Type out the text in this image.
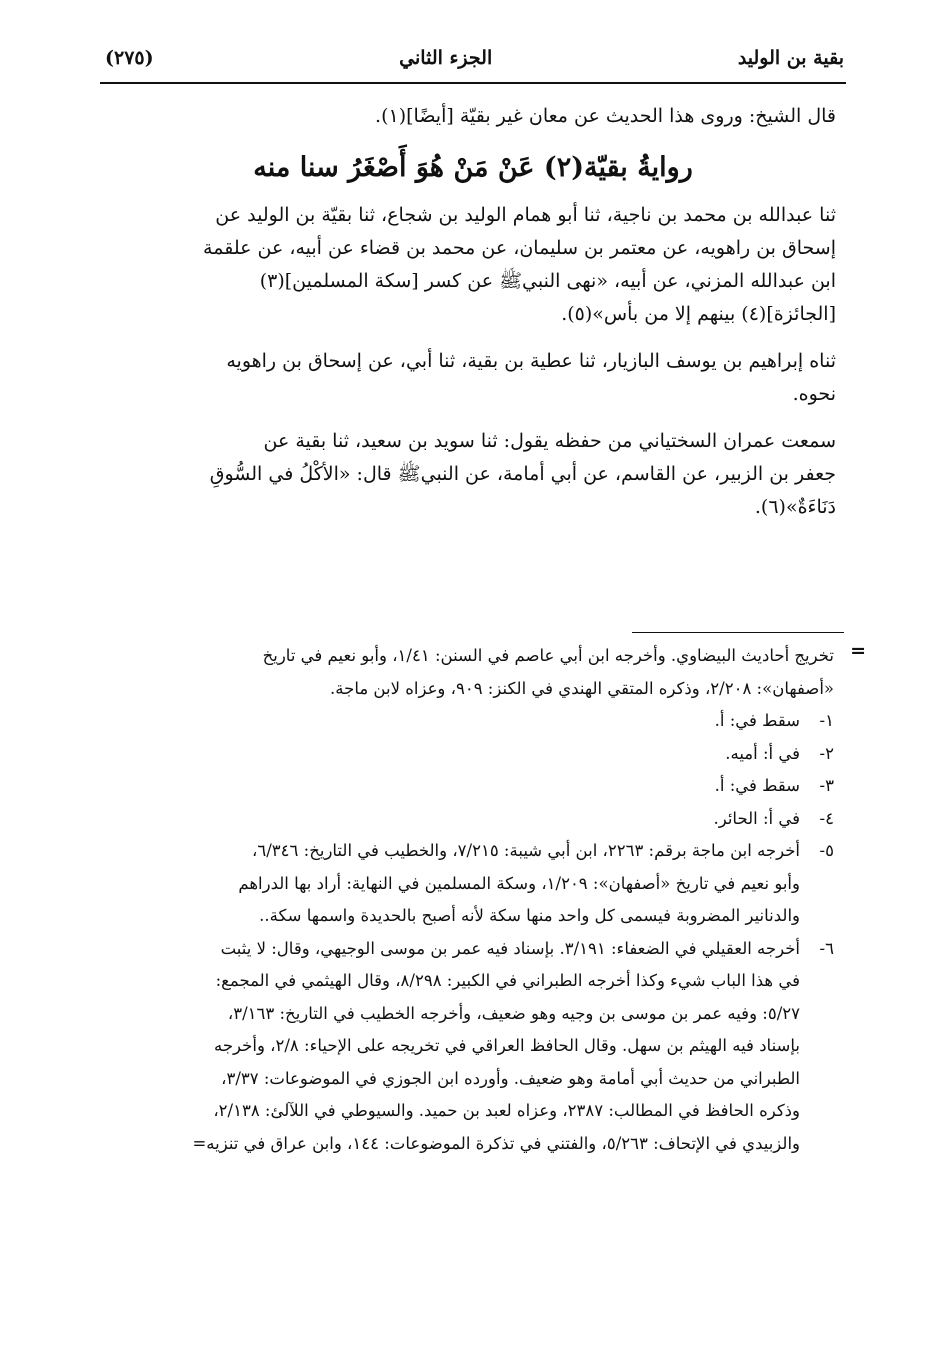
بقية بن الوليد
الجزء الثاني
(٢٧٥)
قال الشيخ: وروى هذا الحديث عن معان غير بقيّة [أيضًا](١).
روايةُ بقيّة(٢) عَنْ مَنْ هُوَ أَصْغَرُ سنا منه
ثنا عبدالله بن محمد بن ناجية، ثنا أبو همام الوليد بن شجاع، ثنا بقيّة بن الوليد عن
إسحاق بن راهويه، عن معتمر بن سليمان، عن محمد بن قضاء عن أبيه، عن علقمة
ابن عبدالله المزني، عن أبيه، «نهى النبيﷺ عن كسر [سكة المسلمين](٣)
[الجائزة](٤) بينهم إلا من بأس»(٥).
ثناه إبراهيم بن يوسف البازيار، ثنا عطية بن بقية، ثنا أبي، عن إسحاق بن راهويه
نحوه.
سمعت عمران السختياني من حفظه يقول: ثنا سويد بن سعيد، ثنا بقية عن
جعفر بن الزبير، عن القاسم، عن أبي أمامة، عن النبيﷺ قال: «الأكْلُ في السُّوقِ
دَنَاءَةٌ»(٦).
=
تخريج أحاديث البيضاوي. وأخرجه ابن أبي عاصم في السنن: ١/٤١، وأبو نعيم في تاريخ
«أصفهان»: ٢/٢٠٨، وذكره المتقي الهندي في الكنز: ٩٠٩، وعزاه لابن ماجة.
١-
سقط في: أ.
٢-
في أ: أميه.
٣-
سقط في: أ.
٤-
في أ: الحائر.
٥-
أخرجه ابن ماجة برقم: ٢٢٦٣، ابن أبي شيبة: ٧/٢١٥، والخطيب في التاريخ: ٦/٣٤٦،
وأبو نعيم في تاريخ «أصفهان»: ١/٢٠٩، وسكة المسلمين في النهاية: أراد بها الدراهم
والدنانير المضروبة فيسمى كل واحد منها سكة لأنه أصبح بالحديدة واسمها سكة..
٦-
أخرجه العقيلي في الضعفاء: ٣/١٩١. بإسناد فيه عمر بن موسى الوجيهي، وقال: لا يثبت
في هذا الباب شيء وكذا أخرجه الطبراني في الكبير: ٨/٢٩٨، وقال الهيثمي في المجمع:
٥/٢٧: وفيه عمر بن موسى بن وجيه وهو ضعيف، وأخرجه الخطيب في التاريخ: ٣/١٦٣،
بإسناد فيه الهيثم بن سهل. وقال الحافظ العراقي في تخريجه على الإحياء: ٢/٨، وأخرجه
الطبراني من حديث أبي أمامة وهو ضعيف. وأورده ابن الجوزي في الموضوعات: ٣/٣٧،
وذكره الحافظ في المطالب: ٢٣٨٧، وعزاه لعبد بن حميد. والسيوطي في اللآلئ: ٢/١٣٨،
والزبيدي في الإتحاف: ٥/٢٦٣، والفتني في تذكرة الموضوعات: ١٤٤، وابن عراق في تنزيه=
